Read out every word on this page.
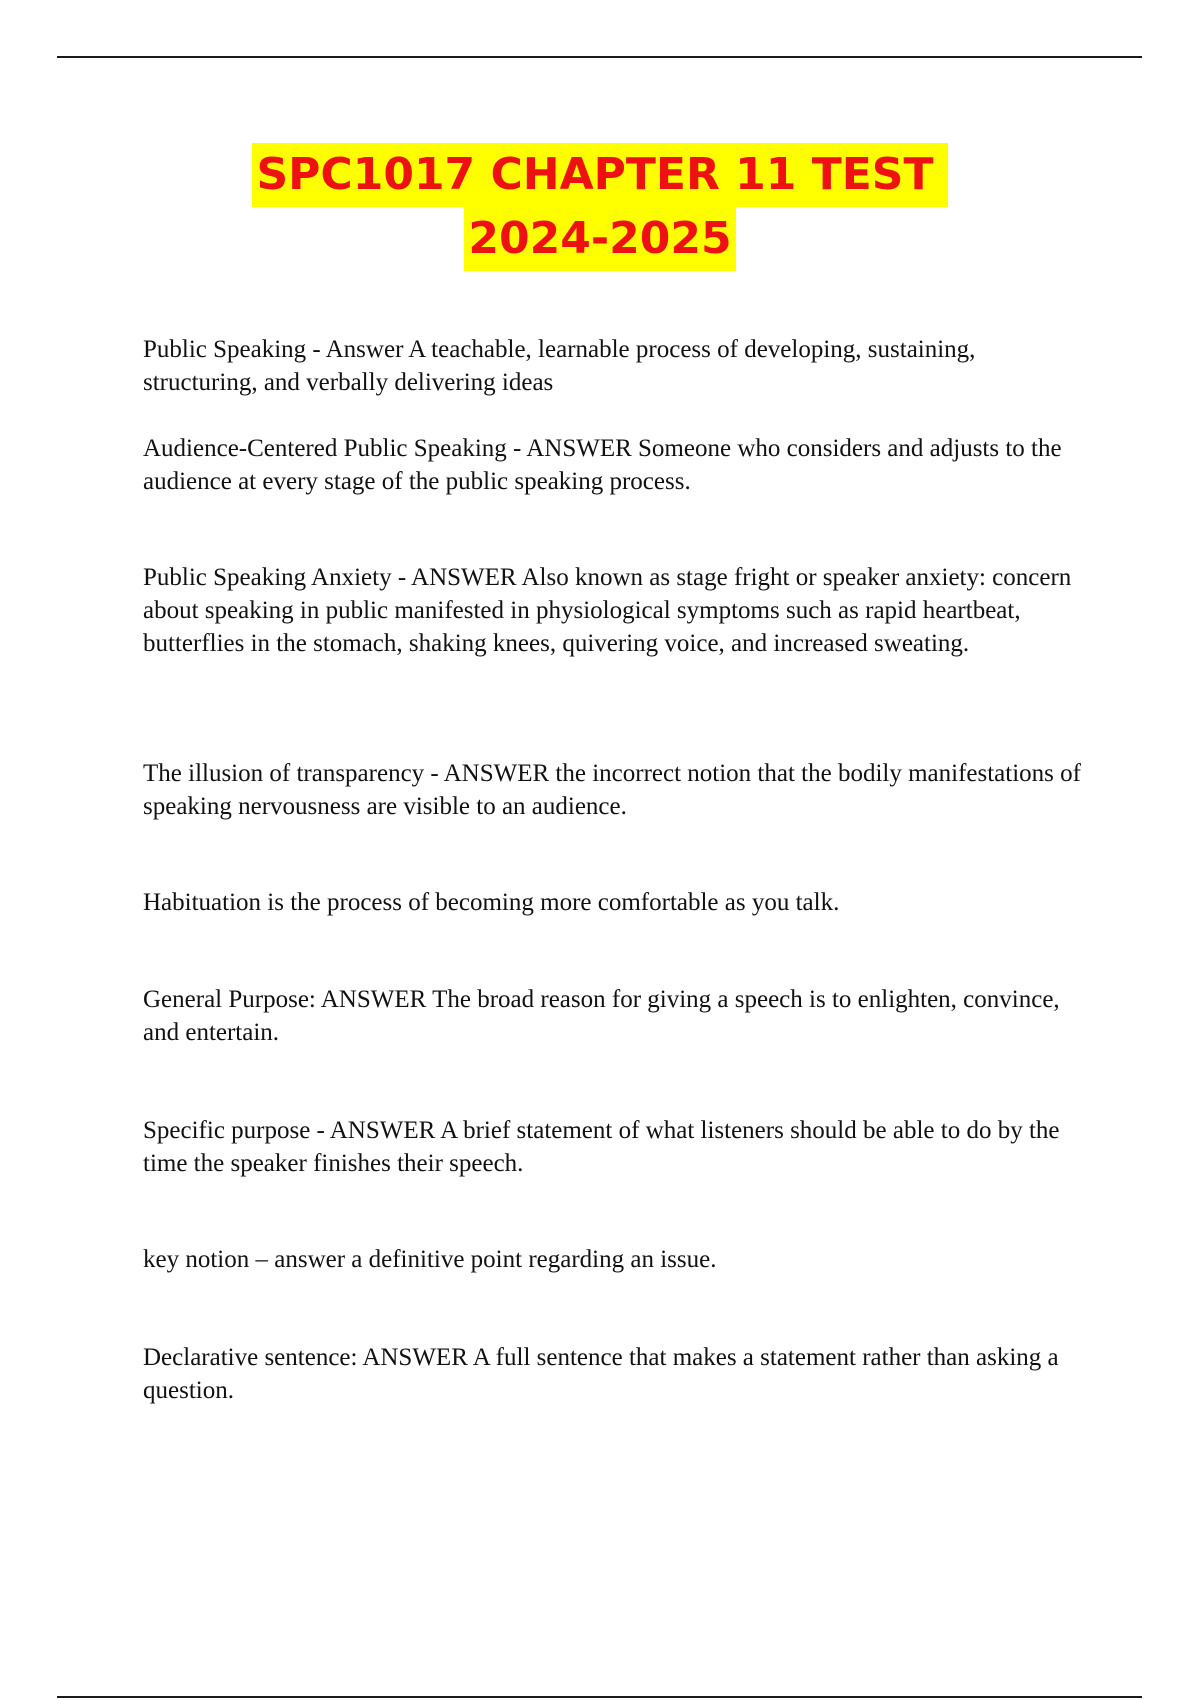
SPC1017 CHAPTER 11 TEST
2024-2025

Public Speaking - Answer A teachable, learnable process of developing, sustaining, structuring, and verbally delivering ideas

Audience-Centered Public Speaking - ANSWER Someone who considers and adjusts to the audience at every stage of the public speaking process.

Public Speaking Anxiety - ANSWER Also known as stage fright or speaker anxiety: concern about speaking in public manifested in physiological symptoms such as rapid heartbeat, butterflies in the stomach, shaking knees, quivering voice, and increased sweating.

The illusion of transparency - ANSWER the incorrect notion that the bodily manifestations of speaking nervousness are visible to an audience.

Habituation is the process of becoming more comfortable as you talk.

General Purpose: ANSWER The broad reason for giving a speech is to enlighten, convince, and entertain.

Specific purpose - ANSWER A brief statement of what listeners should be able to do by the time the speaker finishes their speech.

key notion – answer a definitive point regarding an issue.

Declarative sentence: ANSWER A full sentence that makes a statement rather than asking a question.
